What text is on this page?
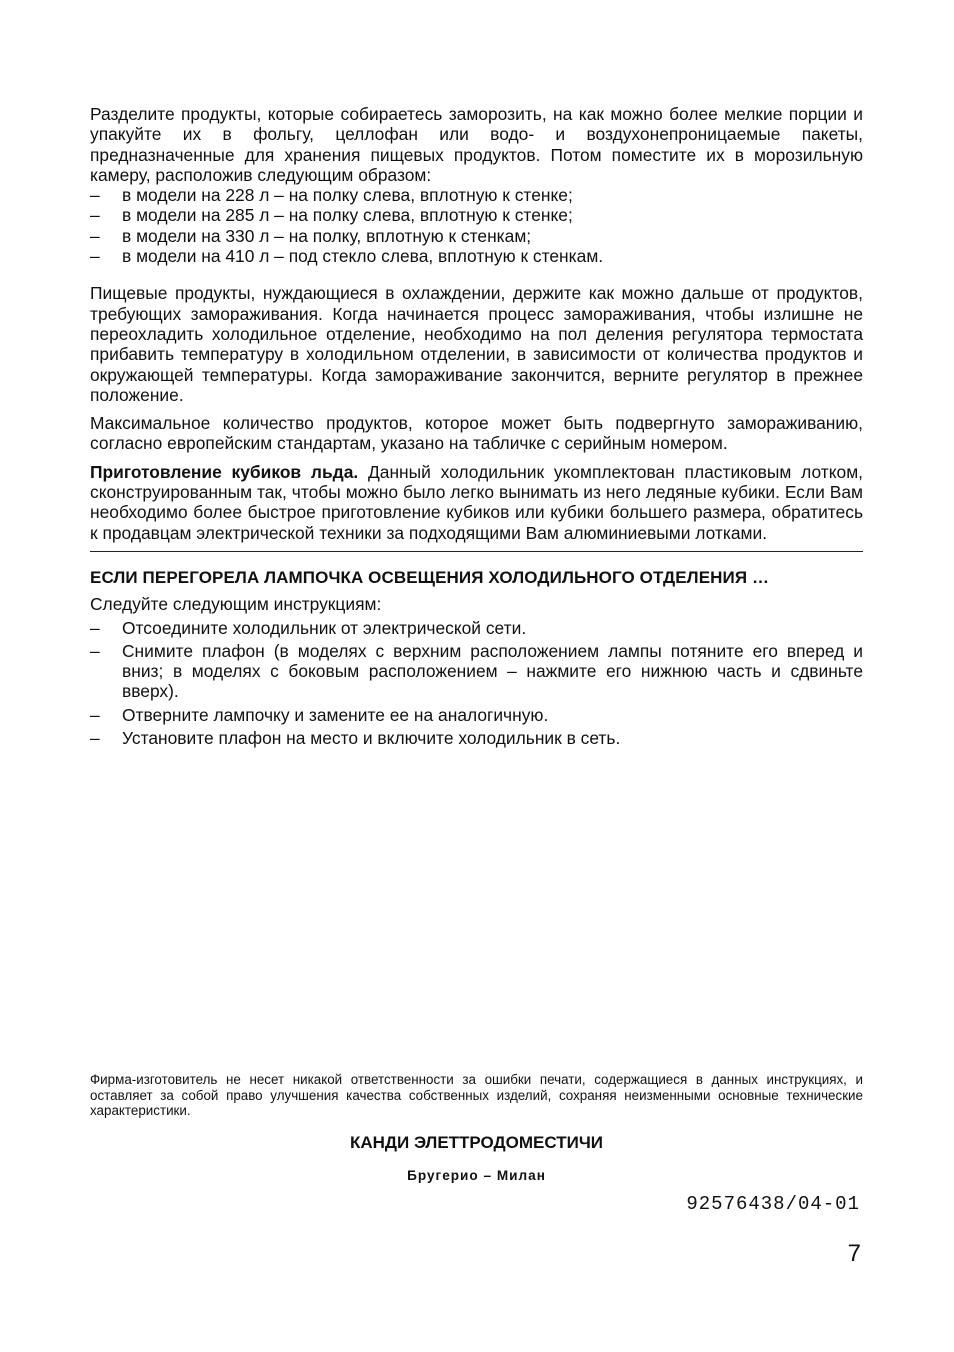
Разделите продукты, которые собираетесь заморозить, на как можно более мелкие порции и упакуйте их в фольгу, целлофан или водо- и воздухонепроницаемые пакеты, предназначенные для хранения пищевых продуктов. Потом поместите их в морозильную камеру, расположив следующим образом:

– в модели на 228 л – на полку слева, вплотную к стенке;
– в модели на 285 л – на полку слева, вплотную к стенке;
– в модели на 330 л – на полку, вплотную к стенкам;
– в модели на 410 л – под стекло слева, вплотную к стенкам.

Пищевые продукты, нуждающиеся в охлаждении, держите как можно дальше от продуктов, требующих замораживания. Когда начинается процесс замораживания, чтобы излишне не переохладить холодильное отделение, необходимо на пол деления регулятора термостата прибавить температуру в холодильном отделении, в зависимости от количества продуктов и окружающей температуры. Когда замораживание закончится, верните регулятор в прежнее положение.

Максимальное количество продуктов, которое может быть подвергнуто замораживанию, согласно европейским стандартам, указано на табличке с серийным номером.

Приготовление кубиков льда. Данный холодильник укомплектован пластиковым лотком, сконструированным так, чтобы можно было легко вынимать из него ледяные кубики. Если Вам необходимо более быстрое приготовление кубиков или кубики большего размера, обратитесь к продавцам электрической техники за подходящими Вам алюминиевыми лотками.

ЕСЛИ ПЕРЕГОРЕЛА ЛАМПОЧКА ОСВЕЩЕНИЯ ХОЛОДИЛЬНОГО ОТДЕЛЕНИЯ …
Следуйте следующим инструкциям:
– Отсоедините холодильник от электрической сети.
– Снимите плафон (в моделях с верхним расположением лампы потяните его вперед и вниз; в моделях с боковым расположением – нажмите его нижнюю часть и сдвиньте вверх).
– Отверните лампочку и замените ее на аналогичную.
– Установите плафон на место и включите холодильник в сеть.

Фирма-изготовитель не несет никакой ответственности за ошибки печати, содержащиеся в данных инструкциях, и оставляет за собой право улучшения качества собственных изделий, сохраняя неизменными основные технические характеристики.

КАНДИ ЭЛЕТТРОДОМЕСТИЧИ
Бругерио – Милан
92576438/04-01
7
